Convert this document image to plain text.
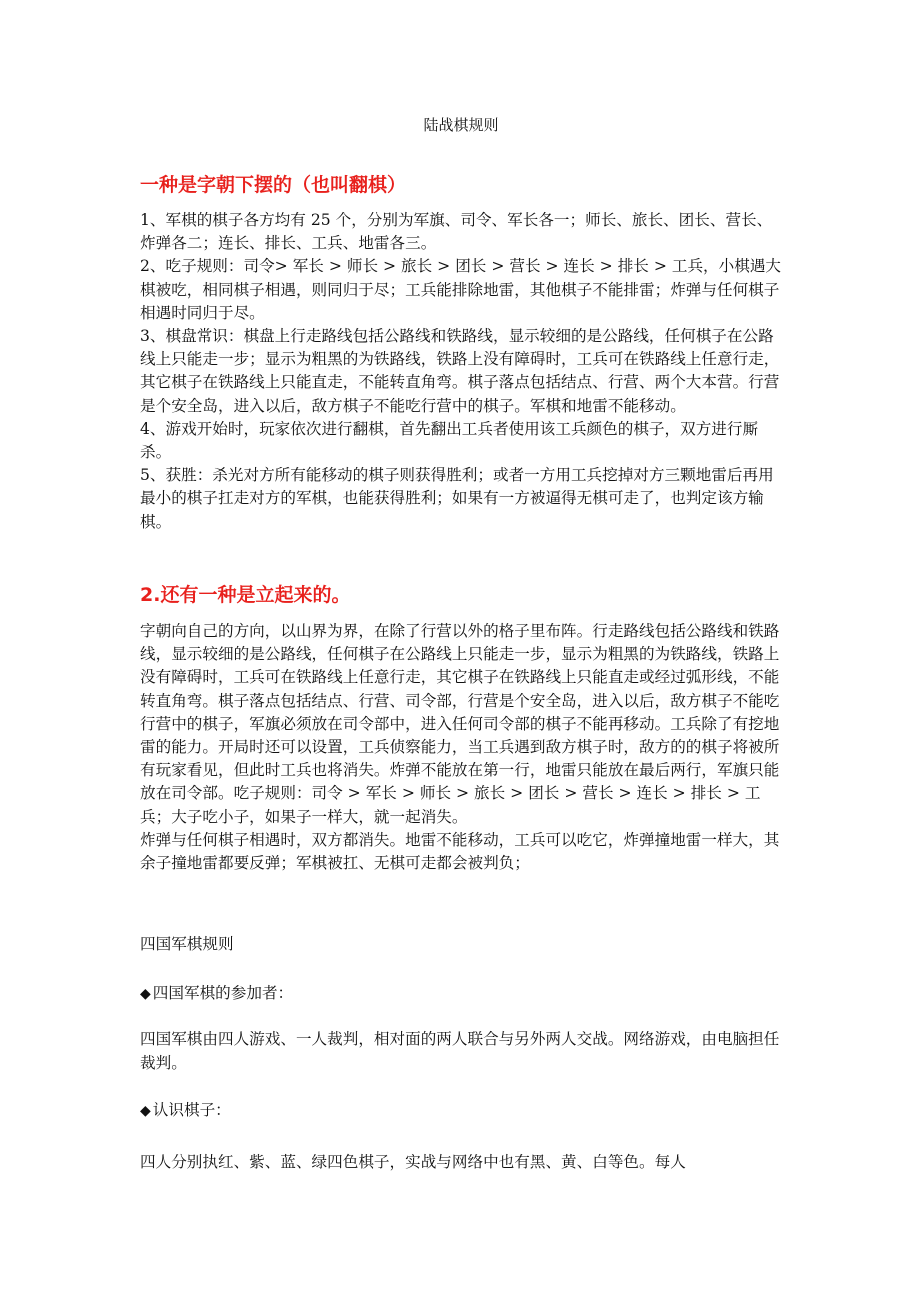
陆战棋规则
一种是字朝下摆的（也叫翻棋）

1、军棋的棋子各方均有 25 个，分别为军旗、司令、军长各一；师长、旅长、团长、营长、炸弹各二；连长、排长、工兵、地雷各三。

2、吃子规则：司令> 军长 > 师长 > 旅长 > 团长 > 营长 > 连长 > 排长 > 工兵，小棋遇大棋被吃，相同棋子相遇，则同归于尽；工兵能排除地雷，其他棋子不能排雷；炸弹与任何棋子相遇时同归于尽。

3、棋盘常识：棋盘上行走路线包括公路线和铁路线，显示较细的是公路线，任何棋子在公路线上只能走一步；显示为粗黑的为铁路线，铁路上没有障碍时，工兵可在铁路线上任意行走，其它棋子在铁路线上只能直走，不能转直角弯。棋子落点包括结点、行营、两个大本营。行营是个安全岛，进入以后，敌方棋子不能吃行营中的棋子。军棋和地雷不能移动。

4、游戏开始时，玩家依次进行翻棋，首先翻出工兵者使用该工兵颜色的棋子，双方进行厮杀。

5、获胜：杀光对方所有能移动的棋子则获得胜利；或者一方用工兵挖掉对方三颗地雷后再用最小的棋子扛走对方的军棋，也能获得胜利；如果有一方被逼得无棋可走了，也判定该方输棋。

2.还有一种是立起来的。

字朝向自己的方向，以山界为界，在除了行营以外的格子里布阵。行走路线包括公路线和铁路线，显示较细的是公路线，任何棋子在公路线上只能走一步，显示为粗黑的为铁路线，铁路上没有障碍时，工兵可在铁路线上任意行走，其它棋子在铁路线上只能直走或经过弧形线，不能转直角弯。棋子落点包括结点、行营、司令部，行营是个安全岛，进入以后，敌方棋子不能吃行营中的棋子，军旗必须放在司令部中，进入任何司令部的棋子不能再移动。工兵除了有挖地雷的能力。开局时还可以设置，工兵侦察能力，当工兵遇到敌方棋子时，敌方的的棋子将被所有玩家看见，但此时工兵也将消失。炸弹不能放在第一行，地雷只能放在最后两行，军旗只能放在司令部。吃子规则：司令 > 军长 > 师长 > 旅长 > 团长 > 营长 > 连长 > 排长 > 工兵；大子吃小子，如果子一样大，就一起消失。

炸弹与任何棋子相遇时，双方都消失。地雷不能移动，工兵可以吃它，炸弹撞地雷一样大，其余子撞地雷都要反弹；军棋被扛、无棋可走都会被判负；

四国军棋规则
◆ 四国军棋的参加者：
四国军棋由四人游戏、一人裁判，相对面的两人联合与另外两人交战。网络游戏，由电脑担任裁判。
◆ 认识棋子：
四人分别执红、紫、蓝、绿四色棋子，实战与网络中也有黑、黄、白等色。每人
